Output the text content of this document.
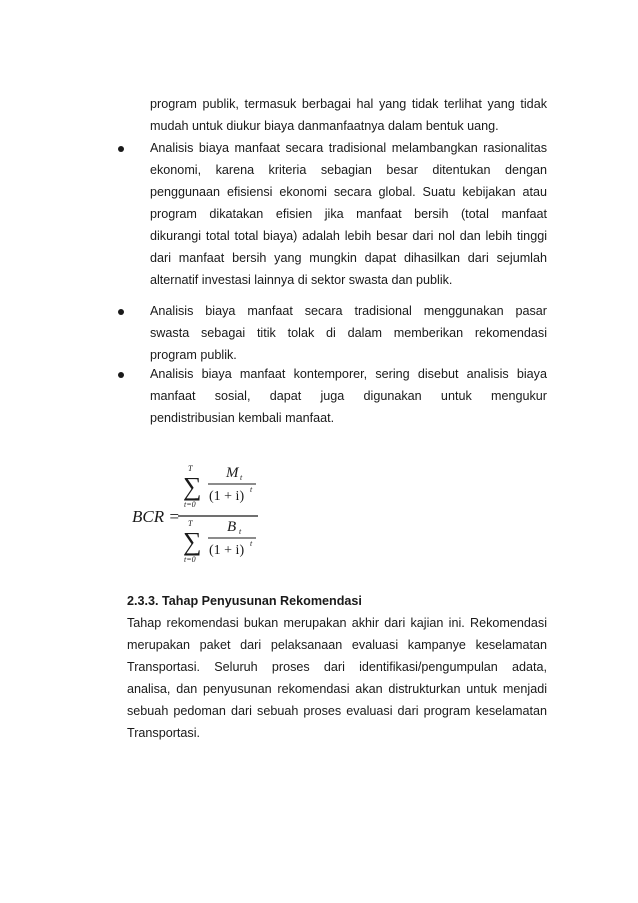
program publik, termasuk berbagai hal yang tidak terlihat yang tidak
mudah untuk diukur biaya danmanfaatnya dalam bentuk uang.
Analisis biaya manfaat secara tradisional melambangkan rasionalitas
ekonomi, karena kriteria sebagian besar ditentukan dengan
penggunaan efisiensi ekonomi secara global. Suatu kebijakan atau
program dikatakan efisien jika manfaat bersih (total manfaat
dikurangi total total biaya) adalah lebih besar dari nol dan lebih tinggi
dari manfaat bersih yang mungkin dapat dihasilkan dari sejumlah
alternatif investasi lainnya di sektor swasta dan publik.
Analisis biaya manfaat secara tradisional menggunakan pasar
swasta sebagai titik tolak di dalam memberikan rekomendasi
program publik.
Analisis biaya manfaat kontemporer, sering disebut analisis biaya
manfaat sosial, dapat juga digunakan untuk mengukur
pendistribusian kembali manfaat.
BCR =
T
∑
t=0
M t
(1 + i) t
T
∑
t=0
B t
(1 + i) t
2.3.3. Tahap Penyusunan Rekomendasi
Tahap rekomendasi bukan merupakan akhir dari kajian ini. Rekomendasi
merupakan paket dari pelaksanaan evaluasi kampanye keselamatan
Transportasi. Seluruh proses dari identifikasi/pengumpulan adata,
analisa, dan penyusunan rekomendasi akan distrukturkan untuk menjadi
sebuah pedoman dari sebuah proses evaluasi dari program keselamatan
Transportasi.
